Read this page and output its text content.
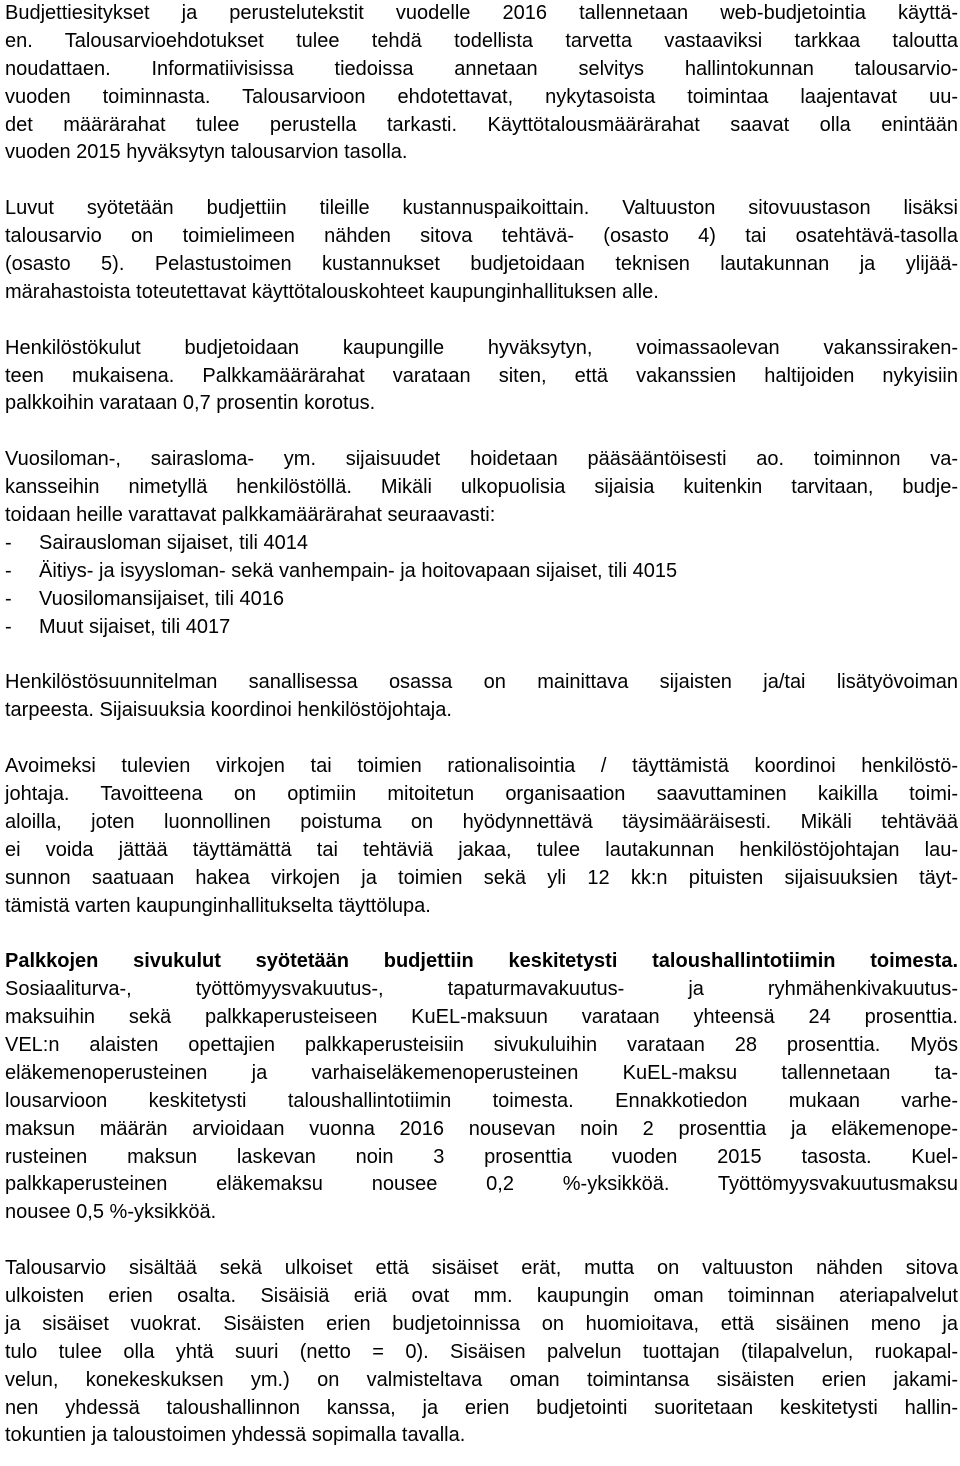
Budjettiesitykset ja perustelutekstit vuodelle 2016 tallennetaan web-budjetointia käyttä-
en. Talousarvioehdotukset tulee tehdä todellista tarvetta vastaaviksi tarkkaa taloutta
noudattaen. Informatiivisissa tiedoissa annetaan selvitys hallintokunnan talousarvio-
vuoden toiminnasta. Talousarvioon ehdotettavat, nykytasoista toimintaa laajentavat uu-
det määrärahat tulee perustella tarkasti. Käyttötalousmäärärahat saavat olla enintään
vuoden 2015 hyväksytyn talousarvion tasolla.
Luvut syötetään budjettiin tileille kustannuspaikoittain. Valtuuston sitovuustason lisäksi
talousarvio on toimielimeen nähden sitova tehtävä- (osasto 4) tai osatehtävä-tasolla
(osasto 5). Pelastustoimen kustannukset budjetoidaan teknisen lautakunnan ja ylijää-
märahastoista toteutettavat käyttötalouskohteet kaupunginhallituksen alle.
Henkilöstökulut budjetoidaan kaupungille hyväksytyn, voimassaolevan vakanssiraken-
teen mukaisena. Palkkamäärärahat varataan siten, että vakanssien haltijoiden nykyisiin
palkkoihin varataan 0,7 prosentin korotus.
Vuosiloman-, sairasloma- ym. sijaisuudet hoidetaan pääsääntöisesti ao. toiminnon va-
kansseihin nimetyllä henkilöstöllä. Mikäli ulkopuolisia sijaisia kuitenkin tarvitaan, budje-
toidaan heille varattavat palkkamäärärahat seuraavasti:
- Sairausloman sijaiset, tili 4014
- Äitiys- ja isyysloman- sekä vanhempain- ja hoitovapaan sijaiset, tili 4015
- Vuosilomansijaiset, tili 4016
- Muut sijaiset, tili 4017
Henkilöstösuunnitelman sanallisessa osassa on mainittava sijaisten ja/tai lisätyövoiman
tarpeesta. Sijaisuuksia koordinoi henkilöstöjohtaja.
Avoimeksi tulevien virkojen tai toimien rationalisointia / täyttämistä koordinoi henkilöstö-
johtaja. Tavoitteena on optimiin mitoitetun organisaation saavuttaminen kaikilla toimi-
aloilla, joten luonnollinen poistuma on hyödynnettävä täysimääräisesti. Mikäli tehtävää
ei voida jättää täyttämättä tai tehtäviä jakaa, tulee lautakunnan henkilöstöjohtajan lau-
sunnon saatuaan hakea virkojen ja toimien sekä yli 12 kk:n pituisten sijaisuuksien täyt-
tämistä varten kaupunginhallitukselta täyttölupa.
Palkkojen sivukulut syötetään budjettiin keskitetysti taloushallintotiimin toimesta.
Sosiaaliturva-, työttömyysvakuutus-, tapaturmavakuutus- ja ryhmähenkivakuutus-
maksuihin sekä palkkaperusteiseen KuEL-maksuun varataan yhteensä 24 prosenttia.
VEL:n alaisten opettajien palkkaperusteisiin sivukuluihin varataan 28 prosenttia. Myös
eläkemenoperusteinen ja varhaiseläkemenoperusteinen KuEL-maksu tallennetaan ta-
lousarvioon keskitetysti taloushallintotiimin toimesta. Ennakkotiedon mukaan varhe-
maksun määrän arvioidaan vuonna 2016 nousevan noin 2 prosenttia ja eläkemenope-
rusteinen maksun laskevan noin 3 prosenttia vuoden 2015 tasosta. Kuel-
palkkaperusteinen eläkemaksu nousee 0,2 %-yksikköä. Työttömyysvakuutusmaksu
nousee 0,5 %-yksikköä.
Talousarvio sisältää sekä ulkoiset että sisäiset erät, mutta on valtuuston nähden sitova
ulkoisten erien osalta. Sisäisiä eriä ovat mm. kaupungin oman toiminnan ateriapalvelut
ja sisäiset vuokrat. Sisäisten erien budjetoinnissa on huomioitava, että sisäinen meno ja
tulo tulee olla yhtä suuri (netto = 0). Sisäisen palvelun tuottajan (tilapalvelun, ruokapal-
velun, konekeskuksen ym.) on valmisteltava oman toimintansa sisäisten erien jakami-
nen yhdessä taloushallinnon kanssa, ja erien budjetointi suoritetaan keskitetysti hallin-
tokuntien ja taloustoimen yhdessä sopimalla tavalla.
